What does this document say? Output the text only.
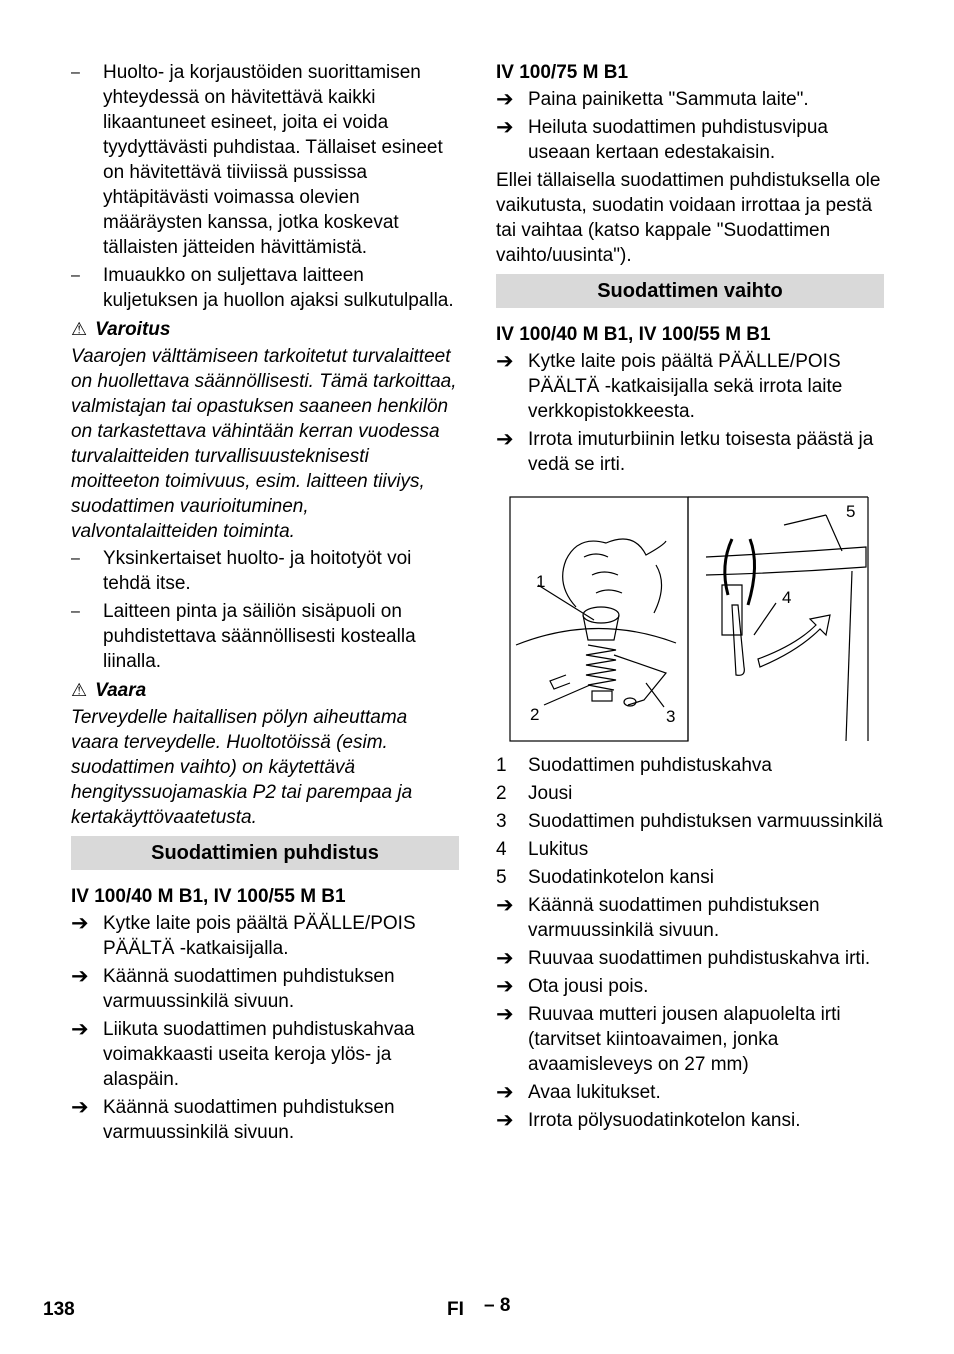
–	Huolto- ja korjaustöiden suorittamisen yhteydessä on hävitettävä kaikki likaantuneet esineet, joita ei voida tyydyttävästi puhdistaa. Tällaiset esineet on hävitettävä tiiviissä pussissa yhtäpitävästi voimassa olevien määräysten kanssa, jotka koskevat tällaisten jätteiden hävittämistä.
–	Imuaukko on suljettava laitteen kuljetuksen ja huollon ajaksi sulkutulpalla.
⚠ Varoitus

Vaarojen välttämiseen tarkoitetut turvalaitteet on huollettava säännöllisesti. Tämä tarkoittaa, valmistajan tai opastuksen saaneen henkilön on tarkastettava vähintään kerran vuodessa turvalaitteiden turvallisuusteknisesti moitteeton toimivuus, esim. laitteen tiiviys, suodattimen vaurioituminen, valvontalaitteiden toiminta.

–	Yksinkertaiset huolto- ja hoitotyöt voi tehdä itse.
–	Laitteen pinta ja säiliön sisäpuoli on puhdistettava säännöllisesti kostealla liinalla.
⚠ Vaara

Terveydelle haitallisen pölyn aiheuttama vaara terveydelle. Huoltotöissä (esim. suodattimen vaihto) on käytettävä hengityssuojamaskia P2 tai parempaa ja kertakäyttövaatetusta.

Suodattimien puhdistus
IV 100/40 M B1, IV 100/55 M B1
➔ Kytke laite pois päältä PÄÄLLE/POIS PÄÄLTÄ -katkaisijalla.
➔ Käännä suodattimen puhdistuksen varmuussinkilä sivuun.
➔ Liikuta suodattimen puhdistuskahvaa voimakkaasti useita keroja ylös- ja alaspäin.
➔ Käännä suodattimen puhdistuksen varmuussinkilä sivuun.
IV 100/75 M B1
➔ Paina painiketta "Sammuta laite".
➔ Heiluta suodattimen puhdistusvipua useaan kertaan edestakaisin.

Ellei tällaisella suodattimen puhdistuksella ole vaikutusta, suodatin voidaan irrottaa ja pestä tai vaihtaa (katso kappale "Suodattimen vaihto/uusinta").

Suodattimen vaihto
IV 100/40 M B1, IV 100/55 M B1
➔ Kytke laite pois päältä PÄÄLLE/POIS PÄÄLTÄ -katkaisijalla sekä irrota laite verkkopistokkeesta.
➔ Irrota imuturbiinin letku toisesta päästä ja vedä se irti.
1
2	3
4
5
1	Suodattimen puhdistuskahva
2	Jousi
3	Suodattimen puhdistuksen varmuussinkilä
4	Lukitus
5	Suodatinkotelon kansi
➔ Käännä suodattimen puhdistuksen varmuussinkilä sivuun.
➔ Ruuvaa suodattimen puhdistuskahva irti.
➔ Ota jousi pois.
➔ Ruuvaa mutteri jousen alapuolelta irti (tarvitset kiintoavaimen, jonka avaamisleveys on 27 mm)
➔ Avaa lukitukset.
➔ Irrota pölysuodatinkotelon kansi.
138	FI – 8
